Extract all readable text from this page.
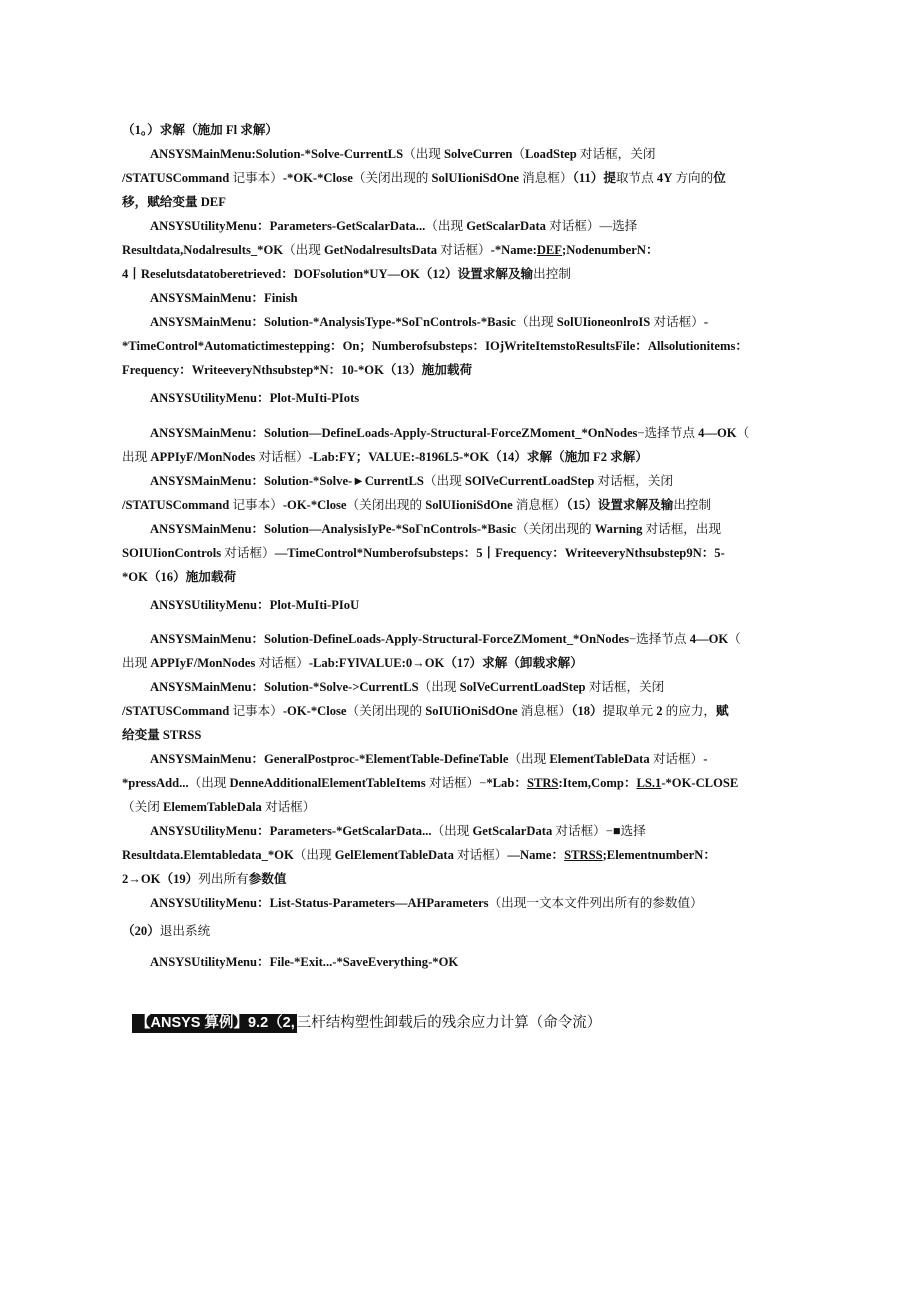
（1。）求解（施加 Fl 求解）
ANSYSMainMenu:Solution-*Solve-CurrentLS（出现 SolveCurren（LoadStep 对话框，关闭
/STATUSCommand 记事本）-*OK-*Close（关闭出现的 SolUIioniSdOne 消息框）（11）提取节点 4Y 方向的位
移，赋给变量 DEF
ANSYSUtilityMenu：Parameters-GetScalarData...（出现 GetScalarData 对话框）—选择
Resultdata,Nodalresults_*OK（出现 GetNodalresultsData 对话框）-*Name:DEF;NodenumberN：
4丨Reselutsdatatoberetrieved：DOFsolution*UY—OK（12）设置求解及输出控制
ANSYSMainMenu：Finish
ANSYSMainMenu：Solution-*AnalysisType-*SoΓnControls-*Basic（出现 SolUIioneonlroIS 对话框）-
*TimeControl*Automatictimestepping：On；Numberofsubsteps：IOjWriteItemstoResultsFile：Allsolutionitems：
Frequency：WriteeveryNthsubstep*N：10-*OK（13）施加载荷
ANSYSUtilityMenu：Plot-MuIti-PIots
ANSYSMainMenu：Solution—DefineLoads-Apply-Structural-ForceZMoment_*OnNodes−选择节点 4—OK（
出现 APPIyF/MonNodes 对话框）-Lab:FY；VALUE:-8196L5-*OK（14）求解（施加 F2 求解）
ANSYSMainMenu：Solution-*Solve-►CurrentLS（出现 SOlVeCurrentLoadStep 对话框，关闭
/STATUSCommand 记事本）-OK-*Close（关闭出现的 SolUIioniSdOne 消息框）（15）设置求解及输出控制
ANSYSMainMenu：Solution—AnalysisIyPe-*SoΓnControls-*Basic（关闭出现的 Warning 对话框，出现
SOIUIionControls 对话框）—TimeControl*Numberofsubsteps：5丨Frequency：WriteeveryNthsubstep9N：5-
*OK（16）施加载荷
ANSYSUtilityMenu：Plot-MuIti-PIoU
ANSYSMainMenu：Solution-DefineLoads-Apply-Structural-ForceZMoment_*OnNodes−选择节点 4—OK（
出现 APPIyF/MonNodes 对话框）-Lab:FYlVALUE:0→OK（17）求解（卸载求解）
ANSYSMainMenu：Solution-*Solve->CurrentLS（出现 SolVeCurrentLoadStep 对话框，关闭
/STATUSCommand 记事本）-OK-*Close（关闭出现的 SoIUIiOniSdOne 消息框）（18）提取单元 2 的应力，赋
给变量 STRSS
ANSYSMainMenu：GeneralPostproc-*ElementTable-DefineTable（出现 ElementTableData 对话框）-
*pressAdd...（出现 DenneAdditionalElementTableItems 对话框）−*Lab：STRS:Item,Comp：LS.1-*OK-CLOSE
（关闭 ElememTableDala 对话框）
ANSYSUtilityMenu：Parameters-*GetScalarData...（出现 GetScalarData 对话框）−■选择
Resultdata.Elemtabledata_*OK（出现 GelElementTableData 对话框）—Name：STRSS;ElementnumberN：
2→OK（19）列出所有参数值
ANSYSUtilityMenu：List-Status-Parameters—AHParameters（出现一文本文件列出所有的参数值）
（20）退出系统
ANSYSUtilityMenu：File-*Exit...-*SaveEverything-*OK
【ANSYS 算例】9.2（2, 三杆结构塑性卸载后的残余应力计算（命令流）
